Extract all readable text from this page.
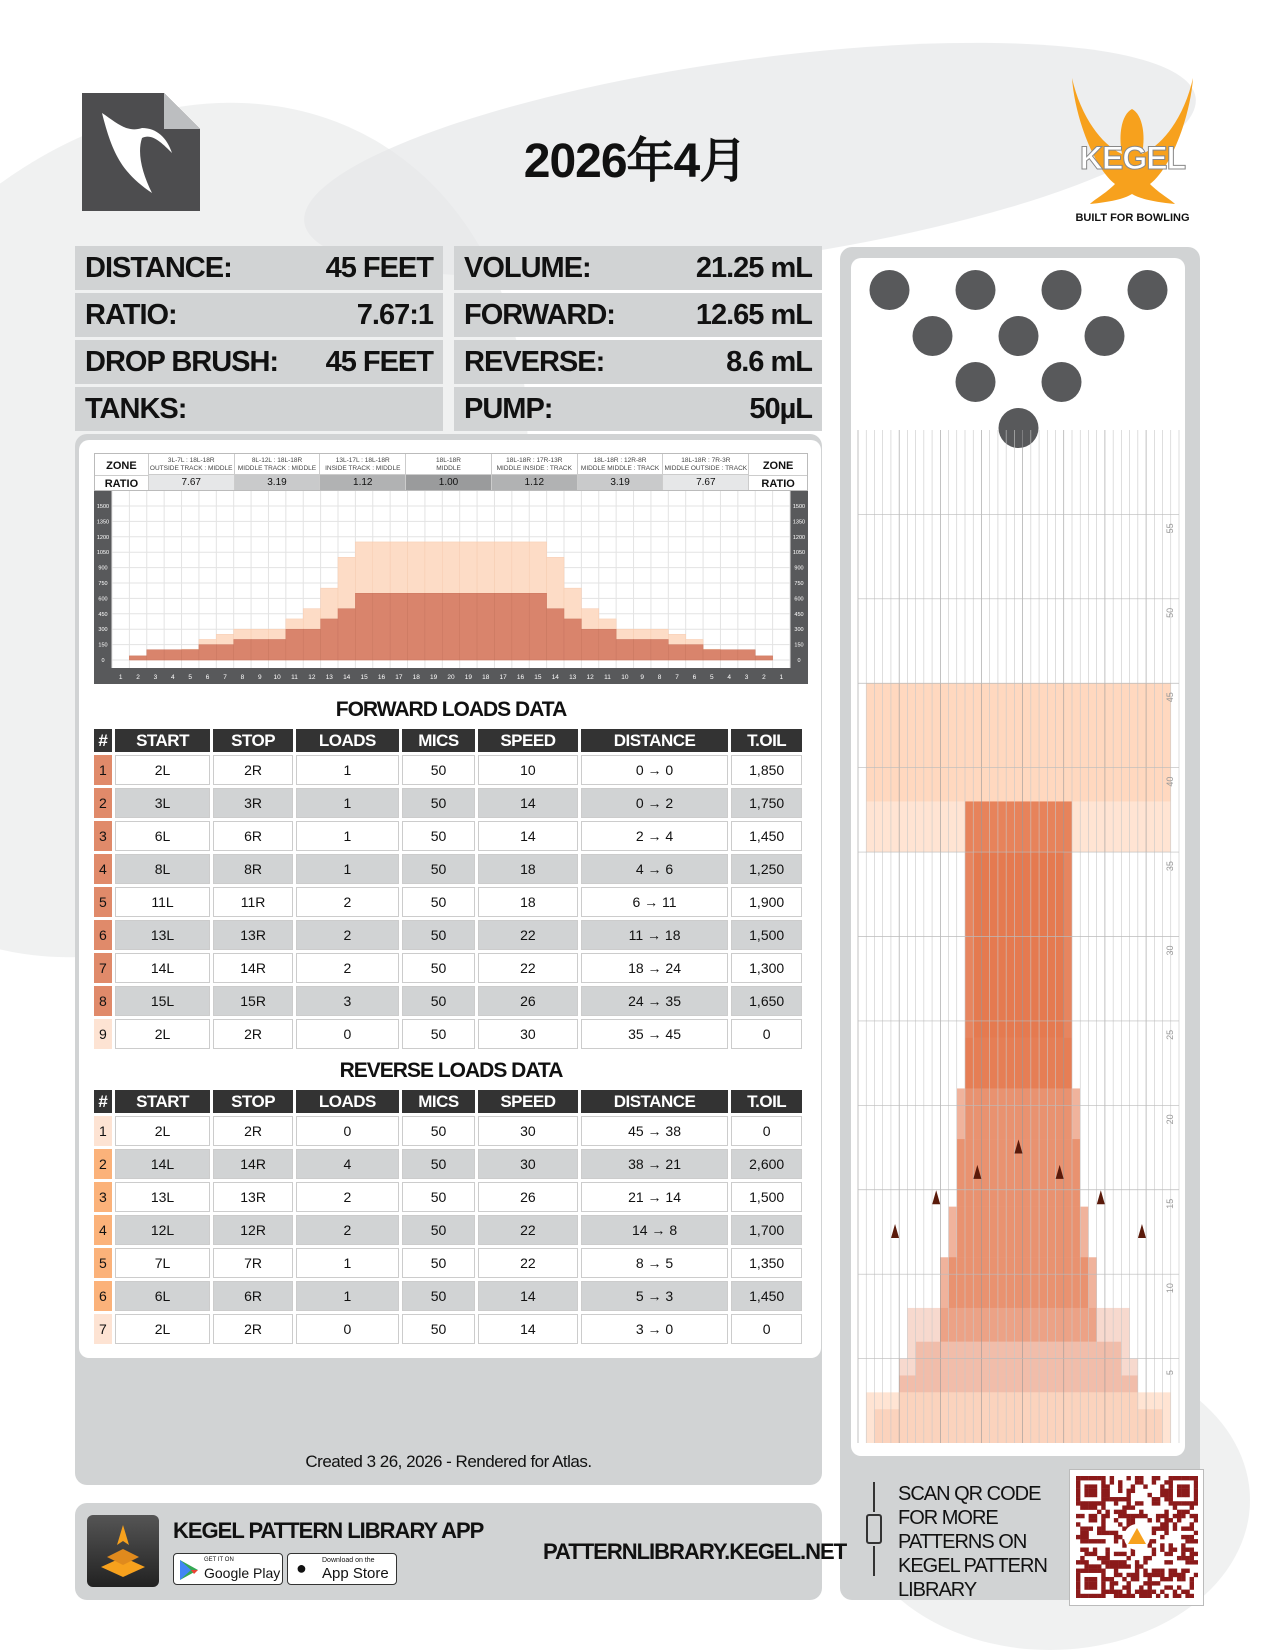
2026年4月	KEGEL
BUILT FOR BOWLING
DISTANCE:	45 FEET
RATIO:	7.67:1
DROP BRUSH: 45 FEET
TANKS:
VOLUME:	21.25 mL
FORWARD:	12.65 mL
REVERSE:	8.6 mL
PUMP:	50µL
Created 3 26, 2026 - Rendered for Atlas.
ZONE
RATIO
3L-7L : 18L-18R
OUTSIDE TRACK : MIDDLE
7.67
8L-12L : 18L-18R
MIDDLE TRACK : MIDDLE
3.19
13L-17L : 18L-18R
INSIDE TRACK : MIDDLE
1.12
18L-18R
MIDDLE
1.00
18L-18R : 17R-13R
MIDDLE INSIDE : TRACK
1.12
18L-18R : 12R-8R
MIDDLE MIDDLE : TRACK
3.19
18L-18R : 7R-3R
MIDDLE OUTSIDE : TRACK
7.67
ZONE
RATIO
0	0
150	150
300	300
450	450
600	600
750	750
900	900
1050	1050
1200	1200
1350	1350
1500	1500
1 2 3 4 5 6 7 8 9 10 11 12 13 14 15 16 17 18 19 20 19 18 17 16 15 14 13 12 11 10 9 8 7 6 5 4 3 2 1
FORWARD LOADS DATA
#	START	STOP	LOADS	MICS	SPEED	DISTANCE	T.OIL
1	2L	2R	1	50	10	0 → 0	1,850
2	3L	3R	1	50	14	0 → 2	1,750
3	6L	6R	1	50	14	2 → 4	1,450
4	8L	8R	1	50	18	4 → 6	1,250
5	11L	11R	2	50	18	6 → 11	1,900
6	13L	13R	2	50	22	11 → 18	1,500
7	14L	14R	2	50	22	18 → 24	1,300
8	15L	15R	3	50	26	24 → 35	1,650
9	2L	2R	0	50	30	35 → 45	0
REVERSE LOADS DATA
#	START	STOP	LOADS	MICS	SPEED	DISTANCE	T.OIL
1	2L	2R	0	50	30	45 → 38	0
2	14L	14R	4	50	30	38 → 21	2,600
3	13L	13R	2	50	26	21 → 14	1,500
4	12L	12R	2	50	22	14 → 8	1,700
5	7L	7R	1	50	22	8 → 5	1,350
6	6L	6R	1	50	14	5 → 3	1,450
7	2L	2R	0	50	14	3 → 0	0
5
10
15
20
25
30
35
40
45
50
55
SCAN QR CODE FOR MORE PATTERNS ON KEGEL PATTERN LIBRARY
KEGEL PATTERN LIBRARY APP
GET IT ON
Google Play ● Download on the
App Store
PATTERNLIBRARY.KEGEL.NET
